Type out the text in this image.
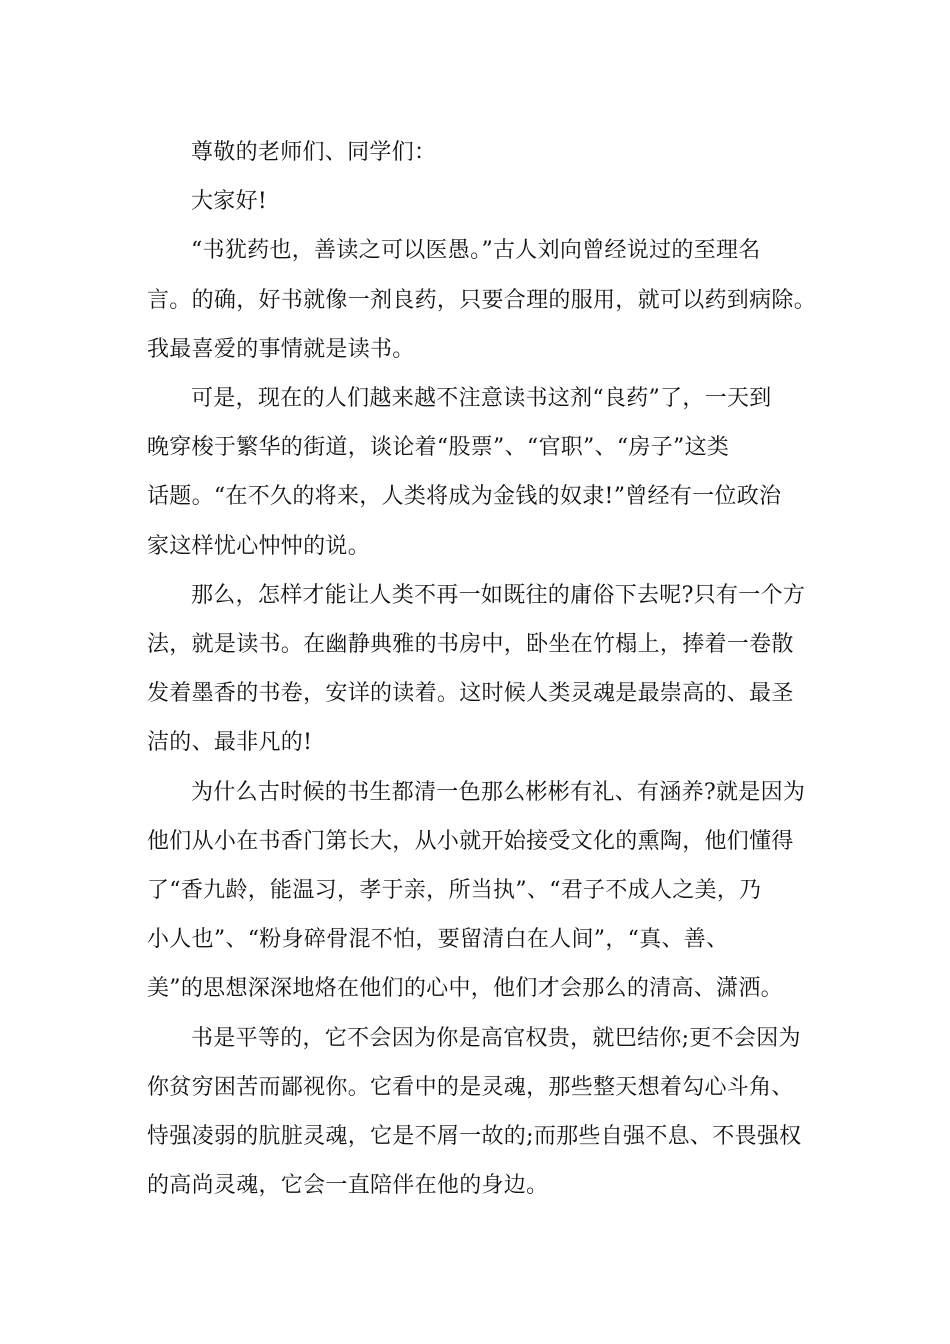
尊敬的老师们、同学们：
大家好!
“书犹药也，善读之可以医愚。”古人刘向曾经说过的至理名
言。的确，好书就像一剂良药，只要合理的服用，就可以药到病除。
我最喜爱的事情就是读书。
可是，现在的人们越来越不注意读书这剂“良药”了，一天到
晚穿梭于繁华的街道，谈论着“股票”、“官职”、“房子”这类
话题。“在不久的将来，人类将成为金钱的奴隶!”曾经有一位政治
家这样忧心忡忡的说。
那么，怎样才能让人类不再一如既往的庸俗下去呢?只有一个方
法，就是读书。在幽静典雅的书房中，卧坐在竹榻上，捧着一卷散
发着墨香的书卷，安详的读着。这时候人类灵魂是最崇高的、最圣
洁的、最非凡的!
为什么古时候的书生都清一色那么彬彬有礼、有涵养?就是因为
他们从小在书香门第长大，从小就开始接受文化的熏陶，他们懂得
了“香九龄，能温习，孝于亲，所当执”、“君子不成人之美，乃
小人也”、“粉身碎骨混不怕，要留清白在人间”，“真、善、
美”的思想深深地烙在他们的心中，他们才会那么的清高、潇洒。
书是平等的，它不会因为你是高官权贵，就巴结你;更不会因为
你贫穷困苦而鄙视你。它看中的是灵魂，那些整天想着勾心斗角、
恃强凌弱的肮脏灵魂，它是不屑一故的;而那些自强不息、不畏强权
的高尚灵魂，它会一直陪伴在他的身边。
